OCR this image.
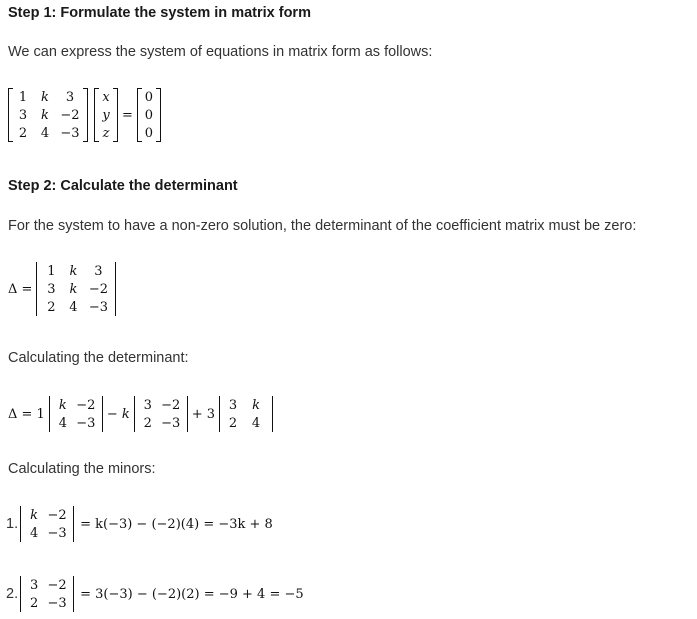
Step 1: Formulate the system in matrix form
We can express the system of equations in matrix form as follows:
1 k 3
3 k −2
2 4 −3
x
y
z
=
0
0
0
Step 2: Calculate the determinant
For the system to have a non-zero solution, the determinant of the coefficient matrix must be zero:
Δ =
1 k 3
3 k −2
2 4 −3
Calculating the determinant:
Δ = 1
k −2
4 −3
− k
3 −2
2 −3
+ 3
3 k
2 4
Calculating the minors:
1.
k −2
4 −3
= k(−3) − (−2)(4) = −3k + 8
2.
3 −2
2 −3
= 3(−3) − (−2)(2) = −9 + 4 = −5
